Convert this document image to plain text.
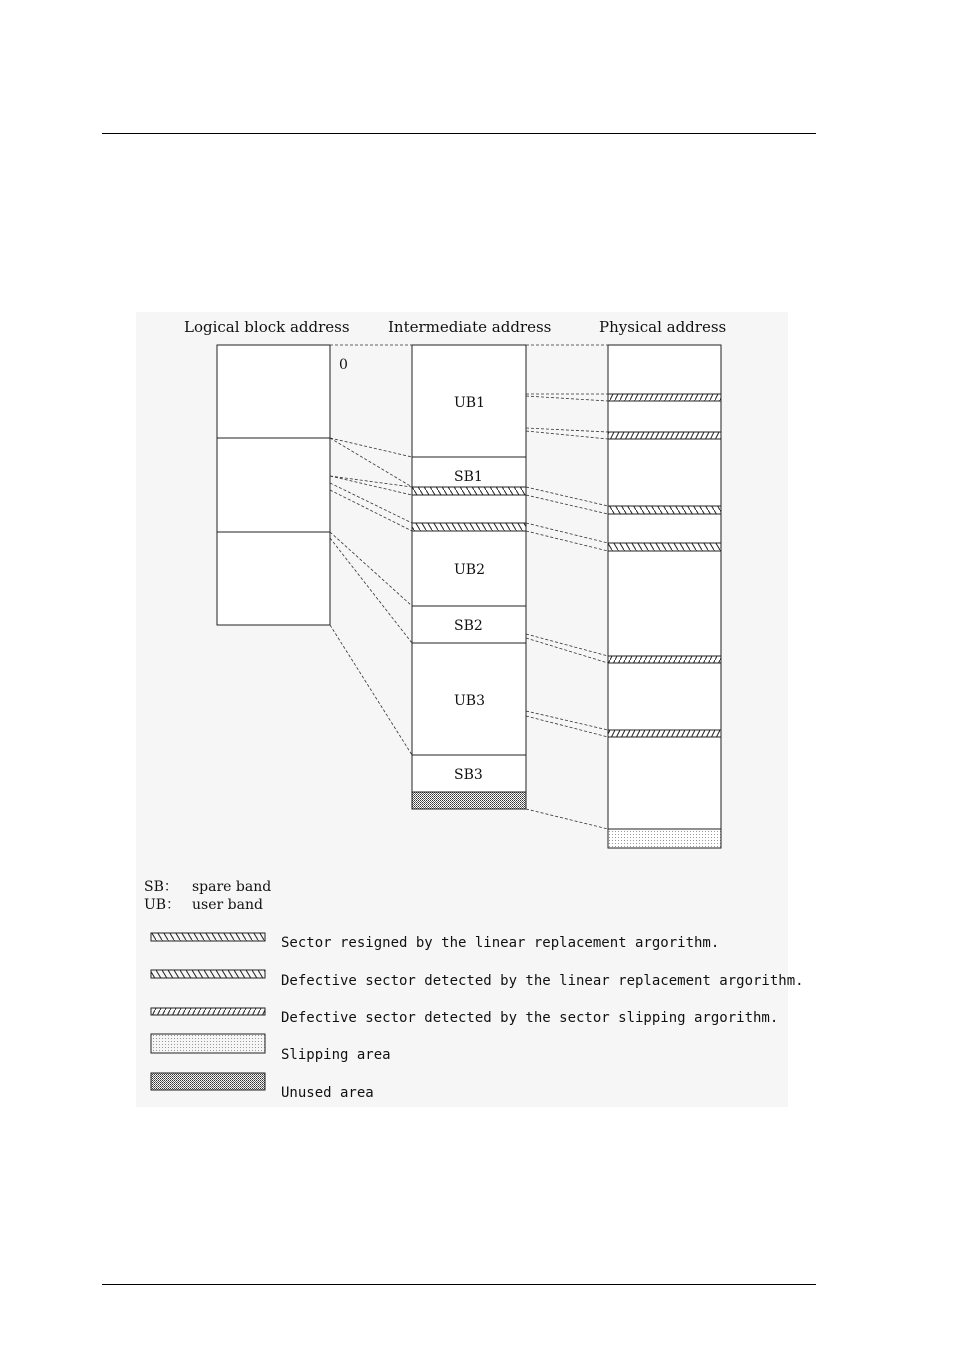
Logical block address	Intermediate address	Physical address
0
UB1
SB1
UB2
SB2
UB3
SB3
SB： spare band
UB： user band
Sector resigned by the linear replacement argorithm.
Defective sector detected by the linear replacement argorithm.
Defective sector detected by the sector slipping argorithm.
Slipping area
Unused area
